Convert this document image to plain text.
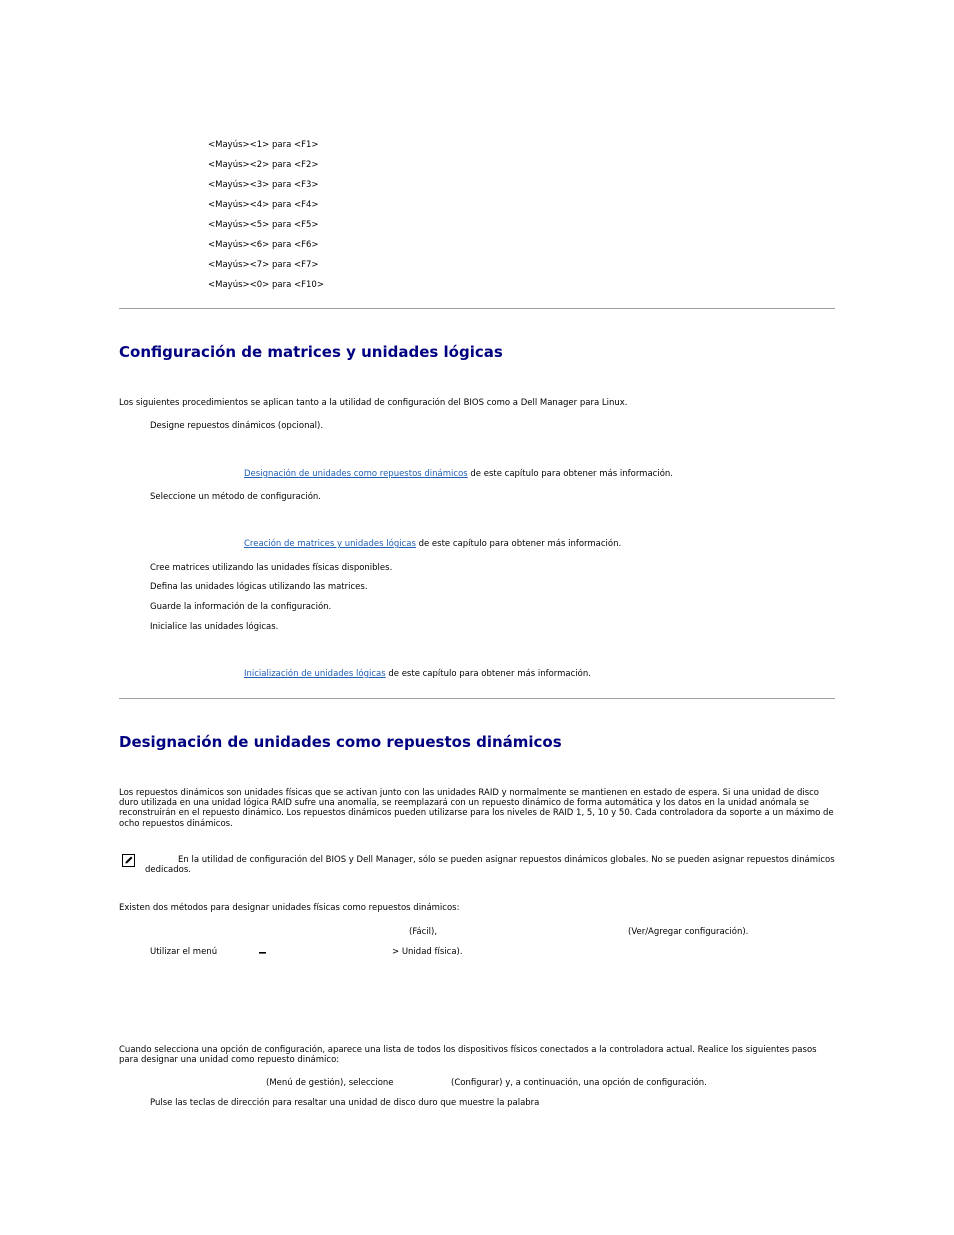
<Mayús><1> para <F1>
<Mayús><2> para <F2>
<Mayús><3> para <F3>
<Mayús><4> para <F4>
<Mayús><5> para <F5>
<Mayús><6> para <F6>
<Mayús><7> para <F7>
<Mayús><0> para <F10>
Configuración de matrices y unidades lógicas
Los siguientes procedimientos se aplican tanto a la utilidad de configuración del BIOS como a Dell Manager para Linux.
Designe repuestos dinámicos (opcional).
Designación de unidades como repuestos dinámicos de este capítulo para obtener más información.
Seleccione un método de configuración.
Creación de matrices y unidades lógicas de este capítulo para obtener más información.
Cree matrices utilizando las unidades físicas disponibles.
Defina las unidades lógicas utilizando las matrices.
Guarde la información de la configuración.
Inicialice las unidades lógicas.
Inicialización de unidades lógicas de este capítulo para obtener más información.
Designación de unidades como repuestos dinámicos
Los repuestos dinámicos son unidades físicas que se activan junto con las unidades RAID y normalmente se mantienen en estado de espera. Si una unidad de disco duro utilizada en una unidad lógica RAID sufre una anomalía, se reemplazará con un repuesto dinámico de forma automática y los datos en la unidad anómala se reconstruirán en el repuesto dinámico. Los repuestos dinámicos pueden utilizarse para los niveles de RAID 1, 5, 10 y 50. Cada controladora da soporte a un máximo de ocho repuestos dinámicos.
En la utilidad de configuración del BIOS y Dell Manager, sólo se pueden asignar repuestos dinámicos globales. No se pueden asignar repuestos dinámicos dedicados.
Existen dos métodos para designar unidades físicas como repuestos dinámicos:
(Fácil),	(Ver/Agregar configuración).
Utilizar el menú	> Unidad física).
Cuando selecciona una opción de configuración, aparece una lista de todos los dispositivos físicos conectados a la controladora actual. Realice los siguientes pasos para designar una unidad como repuesto dinámico:
(Menú de gestión), seleccione	(Configurar) y, a continuación, una opción de configuración.
Pulse las teclas de dirección para resaltar una unidad de disco duro que muestre la palabra
